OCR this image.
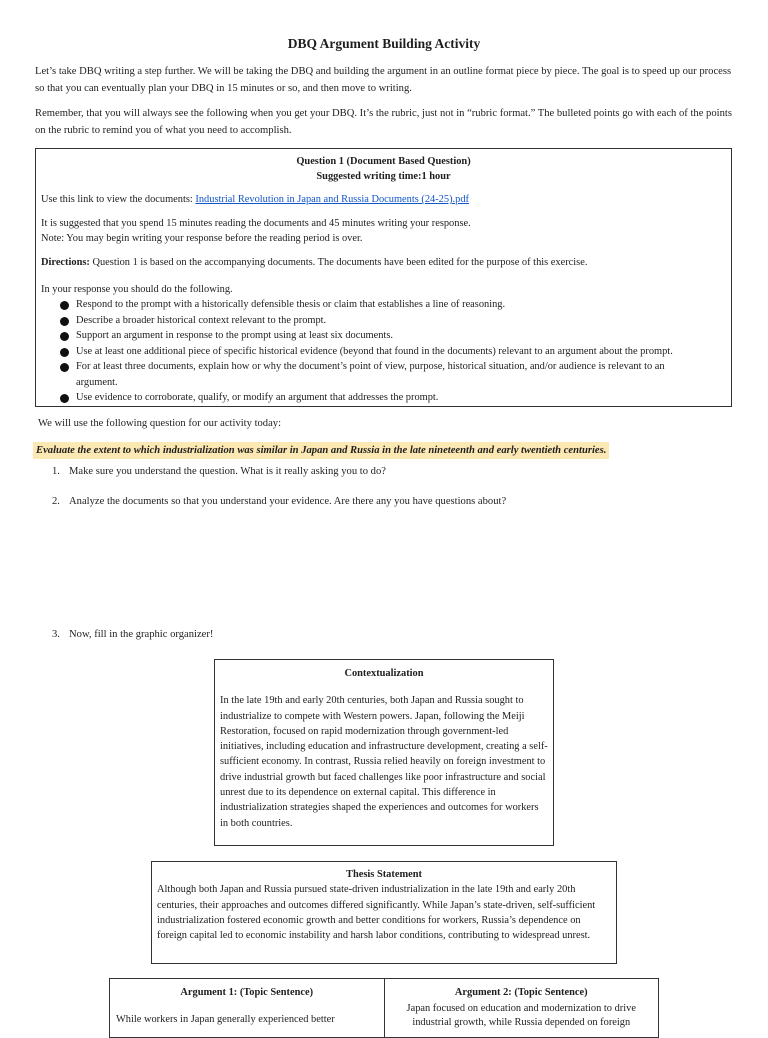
DBQ Argument Building Activity
Let’s take DBQ writing a step further. We will be taking the DBQ and building the argument in an outline format piece by piece. The goal is to speed up our process so that you can eventually plan your DBQ in 15 minutes or so, and then move to writing.
Remember, that you will always see the following when you get your DBQ. It’s the rubric, just not in “rubric format.” The bulleted points go with each of the points on the rubric to remind you of what you need to accomplish.
Question 1 (Document Based Question)
Suggested writing time:1 hour
Use this link to view the documents: Industrial Revolution in Japan and Russia Documents (24-25).pdf
It is suggested that you spend 15 minutes reading the documents and 45 minutes writing your response.
Note: You may begin writing your response before the reading period is over.
Directions: Question 1 is based on the accompanying documents. The documents have been edited for the purpose of this exercise.
In your response you should do the following.
Respond to the prompt with a historically defensible thesis or claim that establishes a line of reasoning.
Describe a broader historical context relevant to the prompt.
Support an argument in response to the prompt using at least six documents.
Use at least one additional piece of specific historical evidence (beyond that found in the documents) relevant to an argument about the prompt.
For at least three documents, explain how or why the document’s point of view, purpose, historical situation, and/or audience is relevant to an argument.
Use evidence to corroborate, qualify, or modify an argument that addresses the prompt.
We will use the following question for our activity today:
Evaluate the extent to which industrialization was similar in Japan and Russia in the late nineteenth and early twentieth centuries.
1. Make sure you understand the question. What is it really asking you to do?
2. Analyze the documents so that you understand your evidence. Are there any you have questions about?
3. Now, fill in the graphic organizer!
Contextualization
In the late 19th and early 20th centuries, both Japan and Russia sought to industrialize to compete with Western powers. Japan, following the Meiji Restoration, focused on rapid modernization through government-led initiatives, including education and infrastructure development, creating a self-sufficient economy. In contrast, Russia relied heavily on foreign investment to drive industrial growth but faced challenges like poor infrastructure and social unrest due to its dependence on external capital. This difference in industrialization strategies shaped the experiences and outcomes for workers in both countries.
Thesis Statement
Although both Japan and Russia pursued state-driven industrialization in the late 19th and early 20th centuries, their approaches and outcomes differed significantly. While Japan’s state-driven, self-sufficient industrialization fostered economic growth and better conditions for workers, Russia’s dependence on foreign capital led to economic instability and harsh labor conditions, contributing to widespread unrest.
Argument 1: (Topic Sentence)
While workers in Japan generally experienced better
Argument 2: (Topic Sentence)
Japan focused on education and modernization to drive industrial growth, while Russia depended on foreign
